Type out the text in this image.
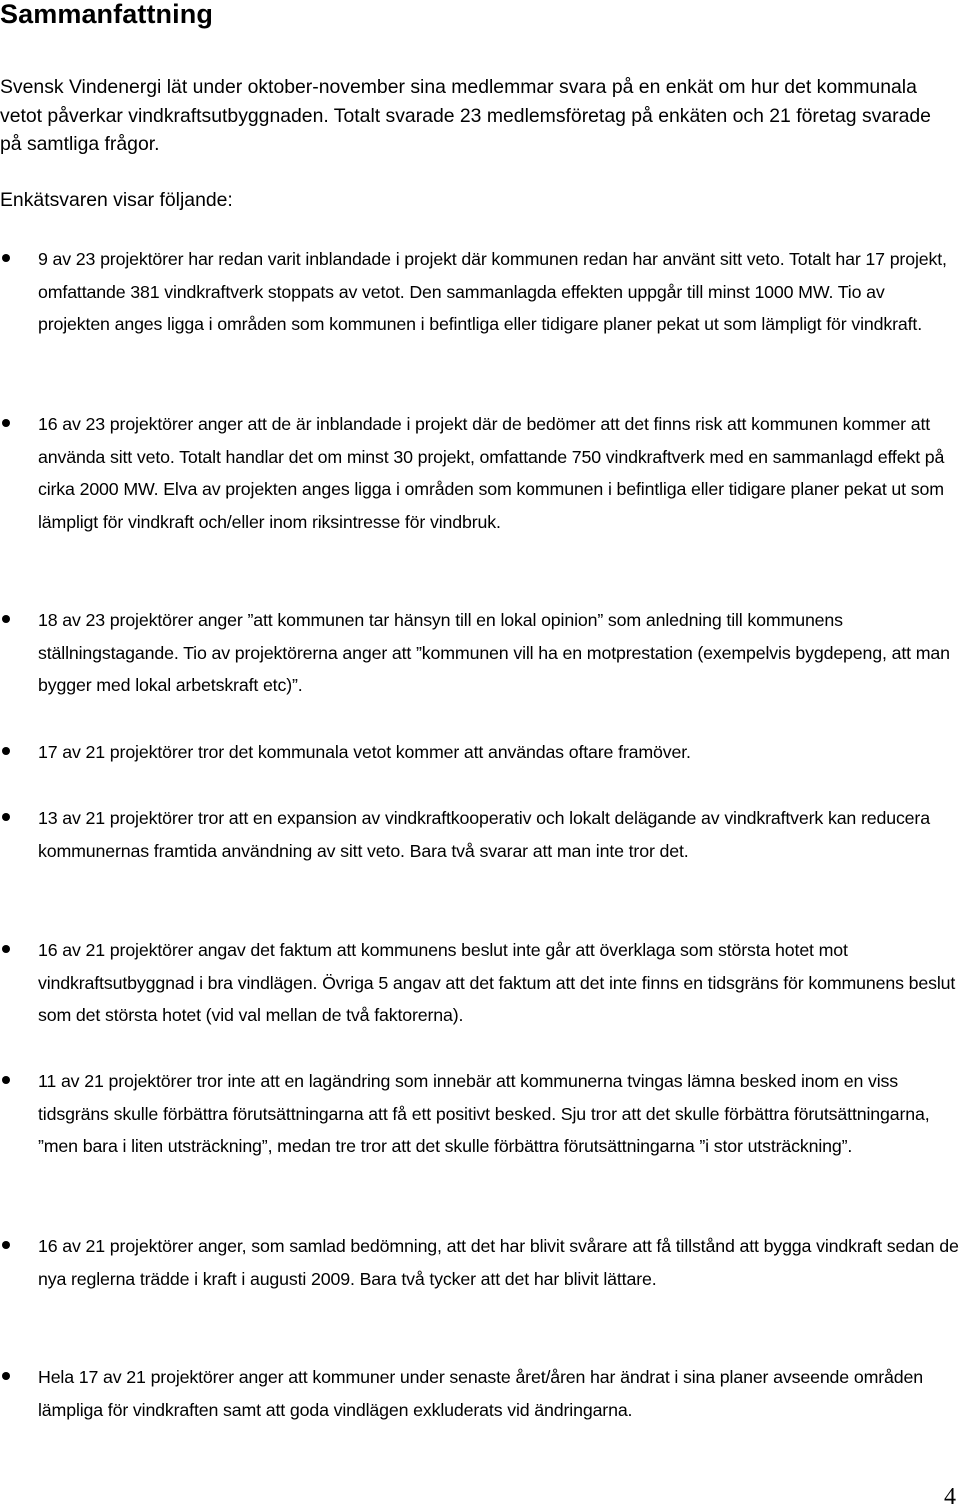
Sammanfattning

Svensk Vindenergi lät under oktober-november sina medlemmar svara på en enkät om hur det kommunala vetot påverkar vindkraftsutbyggnaden. Totalt svarade 23 medlemsföretag på enkäten och 21 företag svarade på samtliga frågor.

Enkätsvaren visar följande:

9 av 23 projektörer har redan varit inblandade i projekt där kommunen redan har använt sitt veto. Totalt har 17 projekt, omfattande 381 vindkraftverk stoppats av vetot. Den sammanlagda effekten uppgår till minst 1000 MW. Tio av projekten anges ligga i områden som kommunen i befintliga eller tidigare planer pekat ut som lämpligt för vindkraft.
16 av 23 projektörer anger att de är inblandade i projekt där de bedömer att det finns risk att kommunen kommer att använda sitt veto. Totalt handlar det om minst 30 projekt, omfattande 750 vindkraftverk med en sammanlagd effekt på cirka 2000 MW. Elva av projekten anges ligga i områden som kommunen i befintliga eller tidigare planer pekat ut som lämpligt för vindkraft och/eller inom riksintresse för vindbruk.
18 av 23 projektörer anger ”att kommunen tar hänsyn till en lokal opinion” som anledning till kommunens ställningstagande. Tio av projektörerna anger att ”kommunen vill ha en motprestation (exempelvis bygdepeng, att man bygger med lokal arbetskraft etc)”.
17 av 21 projektörer tror det kommunala vetot kommer att användas oftare framöver.
13 av 21 projektörer tror att en expansion av vindkraftkooperativ och lokalt delägande av vindkraftverk kan reducera kommunernas framtida användning av sitt veto. Bara två svarar att man inte tror det.
16 av 21 projektörer angav det faktum att kommunens beslut inte går att överklaga som största hotet mot vindkraftsutbyggnad i bra vindlägen. Övriga 5 angav att det faktum att det inte finns en tidsgräns för kommunens beslut som det största hotet (vid val mellan de två faktorerna).
11 av 21 projektörer tror inte att en lagändring som innebär att kommunerna tvingas lämna besked inom en viss tidsgräns skulle förbättra förutsättningarna att få ett positivt besked. Sju tror att det skulle förbättra förutsättningarna, ”men bara i liten utsträckning”, medan tre tror att det skulle förbättra förutsättningarna ”i stor utsträckning”.
16 av 21 projektörer anger, som samlad bedömning, att det har blivit svårare att få tillstånd att bygga vindkraft sedan de nya reglerna trädde i kraft i augusti 2009. Bara två tycker att det har blivit lättare.
Hela 17 av 21 projektörer anger att kommuner under senaste året/åren har ändrat i sina planer avseende områden lämpliga för vindkraften samt att goda vindlägen exkluderats vid ändringarna.
4
